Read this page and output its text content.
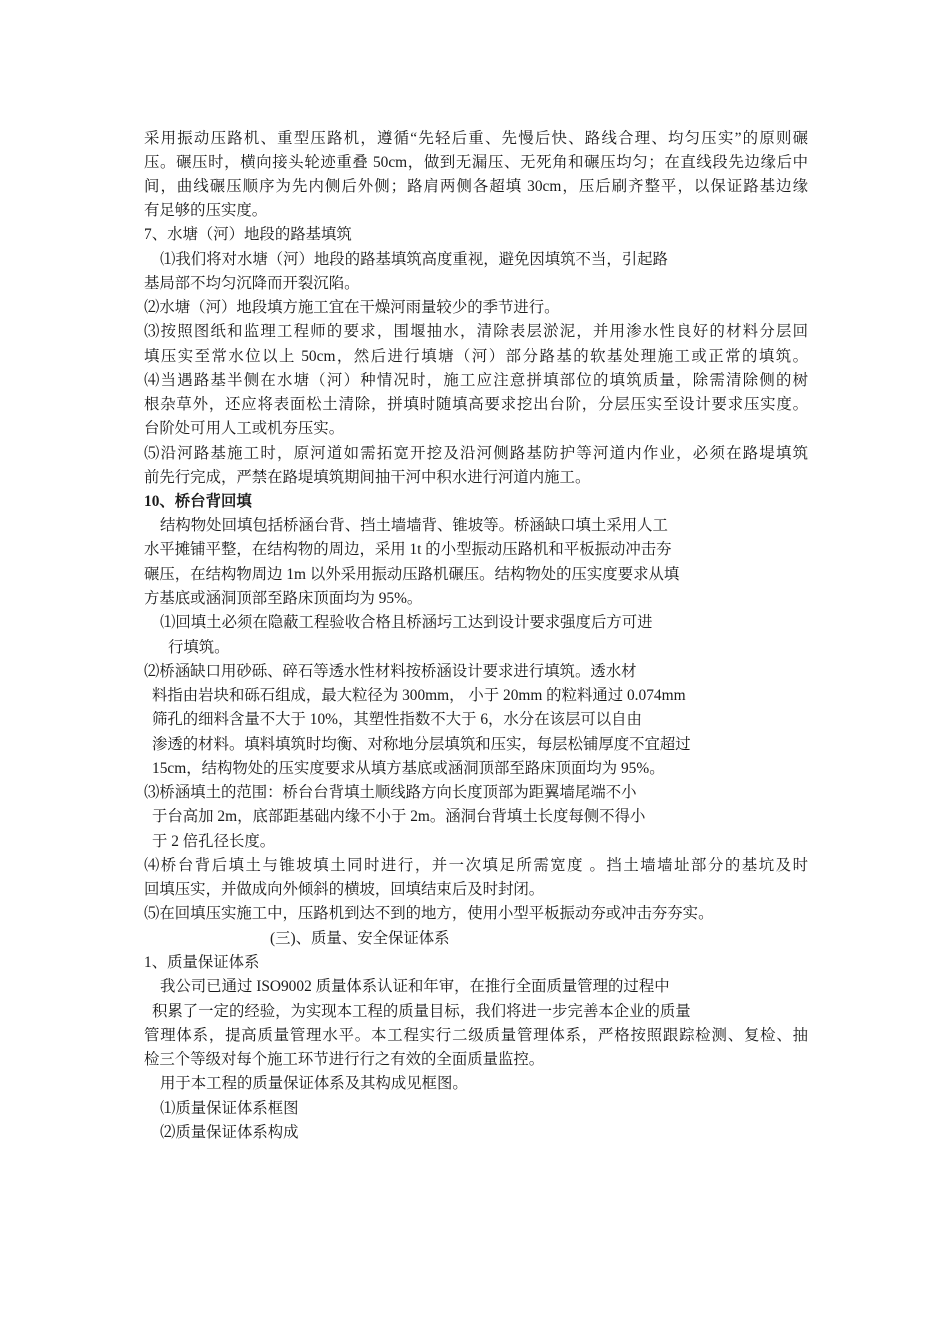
采用振动压路机、重型压路机，遵循“先轻后重、先慢后快、路线合理、均匀压实”的原则碾
压。碾压时，横向接头轮迹重叠 50cm，做到无漏压、无死角和碾压均匀；在直线段先边缘后中
间，曲线碾压顺序为先内侧后外侧；路肩两侧各超填 30cm，压后刷齐整平，以保证路基边缘
有足够的压实度。
7、水塘（河）地段的路基填筑
⑴我们将对水塘（河）地段的路基填筑高度重视，避免因填筑不当，引起路
基局部不均匀沉降而开裂沉陷。
⑵水塘（河）地段填方施工宜在干燥河雨量较少的季节进行。
⑶按照图纸和监理工程师的要求，围堰抽水，清除表层淤泥，并用渗水性良好的材料分层回
填压实至常水位以上 50cm，然后进行填塘（河）部分路基的软基处理施工或正常的填筑。
⑷当遇路基半侧在水塘（河）种情况时，施工应注意拼填部位的填筑质量，除需清除侧的树
根杂草外，还应将表面松土清除，拼填时随填高要求挖出台阶，分层压实至设计要求压实度。
台阶处可用人工或机夯压实。
⑸沿河路基施工时，原河道如需拓宽开挖及沿河侧路基防护等河道内作业，必须在路堤填筑
前先行完成，严禁在路堤填筑期间抽干河中积水进行河道内施工。
10、桥台背回填
结构物处回填包括桥涵台背、挡土墙墙背、锥坡等。桥涵缺口填土采用人工
水平摊铺平整，在结构物的周边，采用 1t 的小型振动压路机和平板振动冲击夯
碾压，在结构物周边 1m 以外采用振动压路机碾压。结构物处的压实度要求从填
方基底或涵洞顶部至路床顶面均为 95%。
⑴回填土必须在隐蔽工程验收合格且桥涵圬工达到设计要求强度后方可进
行填筑。
⑵桥涵缺口用砂砾、碎石等透水性材料按桥涵设计要求进行填筑。透水材
料指由岩块和砾石组成，最大粒径为 300mm， 小于 20mm 的粒料通过 0.074mm
筛孔的细料含量不大于 10%，其塑性指数不大于 6，水分在该层可以自由
渗透的材料。填料填筑时均衡、对称地分层填筑和压实，每层松铺厚度不宜超过
15cm，结构物处的压实度要求从填方基底或涵洞顶部至路床顶面均为 95%。
⑶桥涵填土的范围：桥台台背填土顺线路方向长度顶部为距翼墙尾端不小
于台高加 2m，底部距基础内缘不小于 2m。涵洞台背填土长度每侧不得小
于 2 倍孔径长度。
⑷桥台背后填土与锥坡填土同时进行，并一次填足所需宽度 。挡土墙墙址部分的基坑及时
回填压实，并做成向外倾斜的横坡，回填结束后及时封闭。
⑸在回填压实施工中，压路机到达不到的地方，使用小型平板振动夯或冲击夯夯实。
(三)、质量、安全保证体系
1、质量保证体系
我公司已通过 ISO9002 质量体系认证和年审，在推行全面质量管理的过程中
积累了一定的经验，为实现本工程的质量目标，我们将进一步完善本企业的质量
管理体系，提高质量管理水平。本工程实行二级质量管理体系，严格按照跟踪检测、复检、抽
检三个等级对每个施工环节进行行之有效的全面质量监控。
用于本工程的质量保证体系及其构成见框图。
⑴质量保证体系框图
⑵质量保证体系构成
